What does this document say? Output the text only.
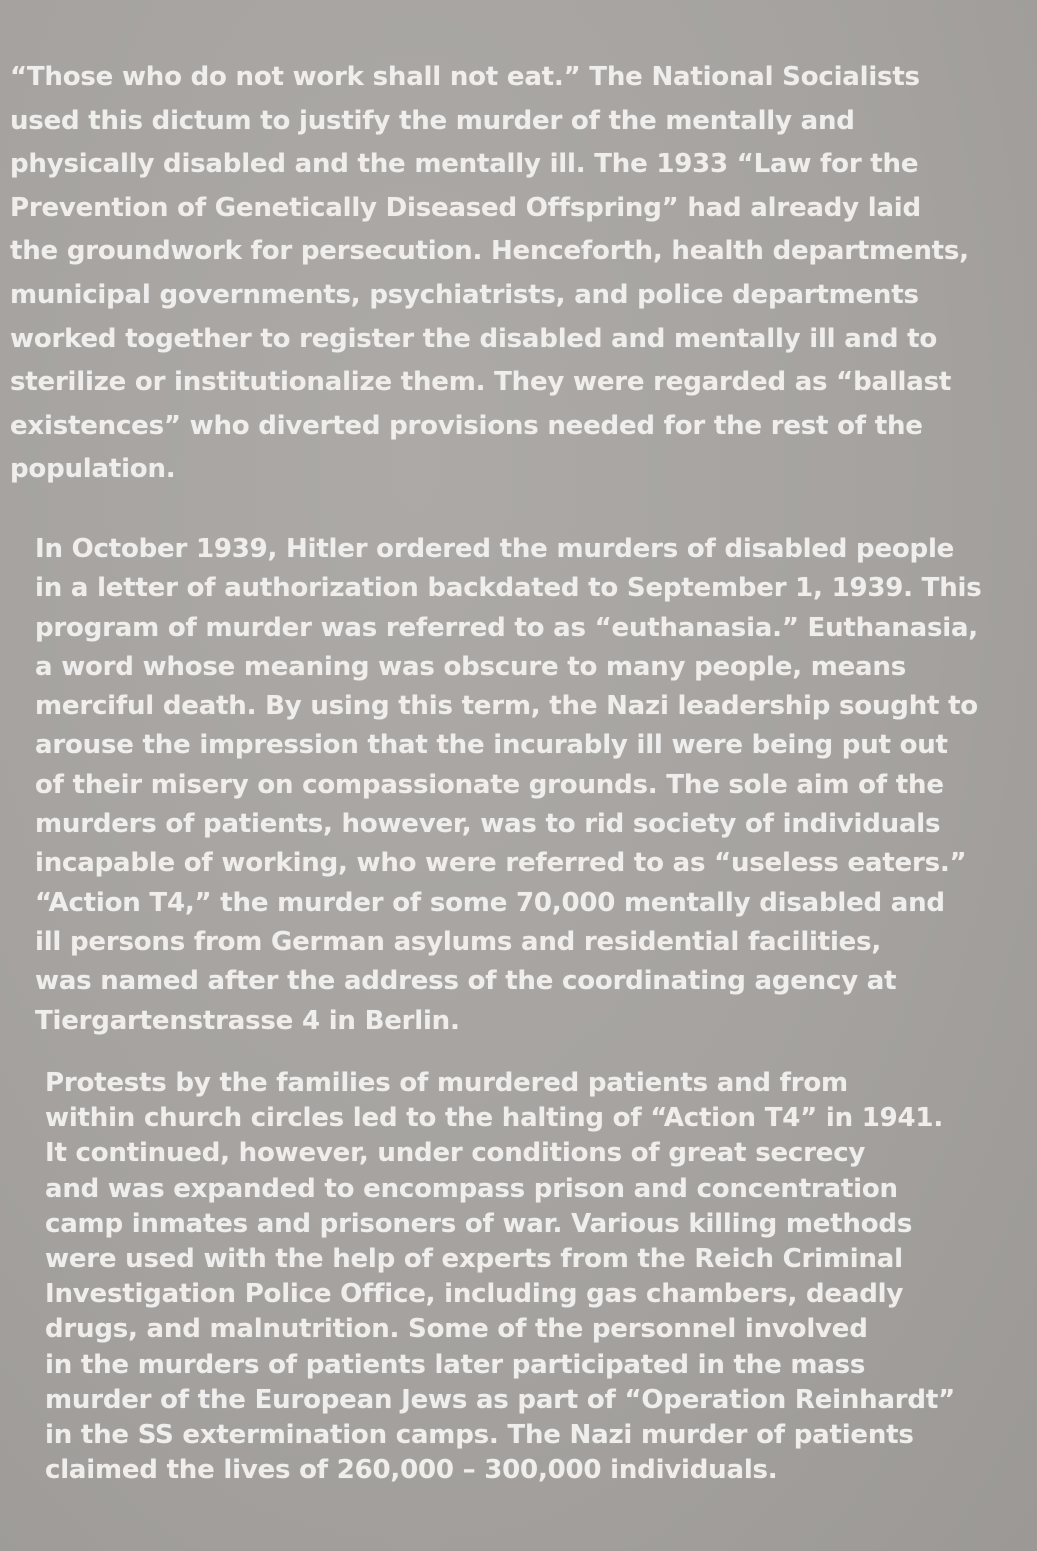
“Those who do not work shall not eat.” The National Socialists
used this dictum to justify the murder of the mentally and
physically disabled and the mentally ill. The 1933 “Law for the
Prevention of Genetically Diseased Offspring” had already laid
the groundwork for persecution. Henceforth, health departments,
municipal governments, psychiatrists, and police departments
worked together to register the disabled and mentally ill and to
sterilize or institutionalize them. They were regarded as “ballast
existences” who diverted provisions needed for the rest of the
population.

In October 1939, Hitler ordered the murders of disabled people
in a letter of authorization backdated to September 1, 1939. This
program of murder was referred to as “euthanasia.” Euthanasia,
a word whose meaning was obscure to many people, means
merciful death. By using this term, the Nazi leadership sought to
arouse the impression that the incurably ill were being put out
of their misery on compassionate grounds. The sole aim of the
murders of patients, however, was to rid society of individuals
incapable of working, who were referred to as “useless eaters.”
“Action T4,” the murder of some 70,000 mentally disabled and
ill persons from German asylums and residential facilities,
was named after the address of the coordinating agency at
Tiergartenstrasse 4 in Berlin.

Protests by the families of murdered patients and from
within church circles led to the halting of “Action T4” in 1941.
It continued, however, under conditions of great secrecy
and was expanded to encompass prison and concentration
camp inmates and prisoners of war. Various killing methods
were used with the help of experts from the Reich Criminal
Investigation Police Office, including gas chambers, deadly
drugs, and malnutrition. Some of the personnel involved
in the murders of patients later participated in the mass
murder of the European Jews as part of “Operation Reinhardt”
in the SS extermination camps. The Nazi murder of patients
claimed the lives of 260,000 – 300,000 individuals.
